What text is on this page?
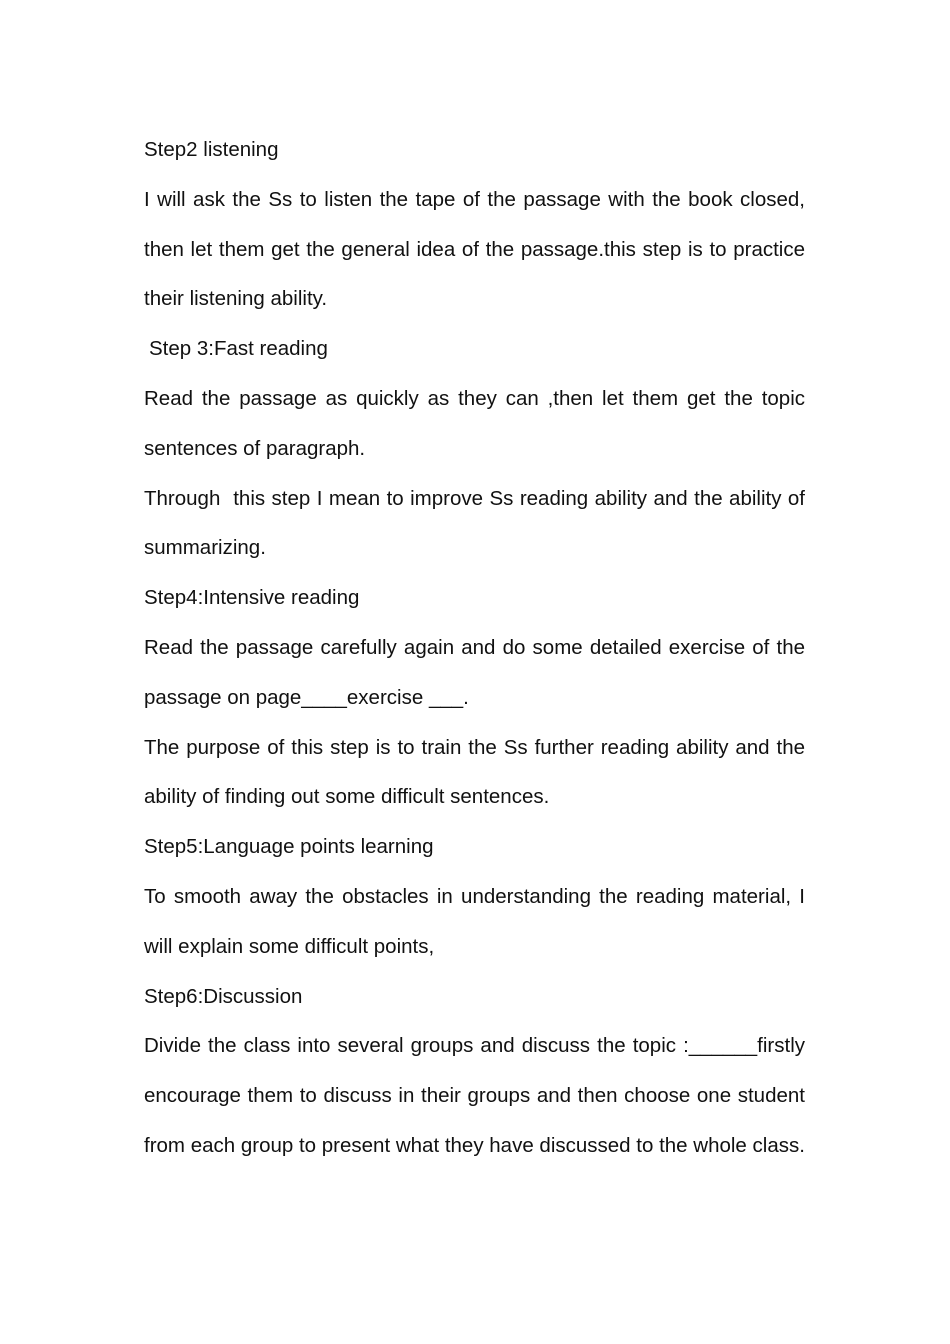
Step2 listening

I will ask the Ss to listen the tape of the passage with the book closed, then let them get the general idea of the passage.this step is to practice their listening ability.

Step 3:Fast reading

Read the passage as quickly as they can ,then let them get the topic sentences of paragraph.

Through  this step I mean to improve Ss reading ability and the ability of summarizing.

Step4:Intensive reading

Read the passage carefully again and do some detailed exercise of the passage on page____exercise ___.

The purpose of this step is to train the Ss further reading ability and the ability of finding out some difficult sentences.

Step5:Language points learning

To smooth away the obstacles in understanding the reading material, I will explain some difficult points,

Step6:Discussion

Divide the class into several groups and discuss the topic :______firstly encourage them to discuss in their groups and then choose one student from each group to present what they have discussed to the whole class.
